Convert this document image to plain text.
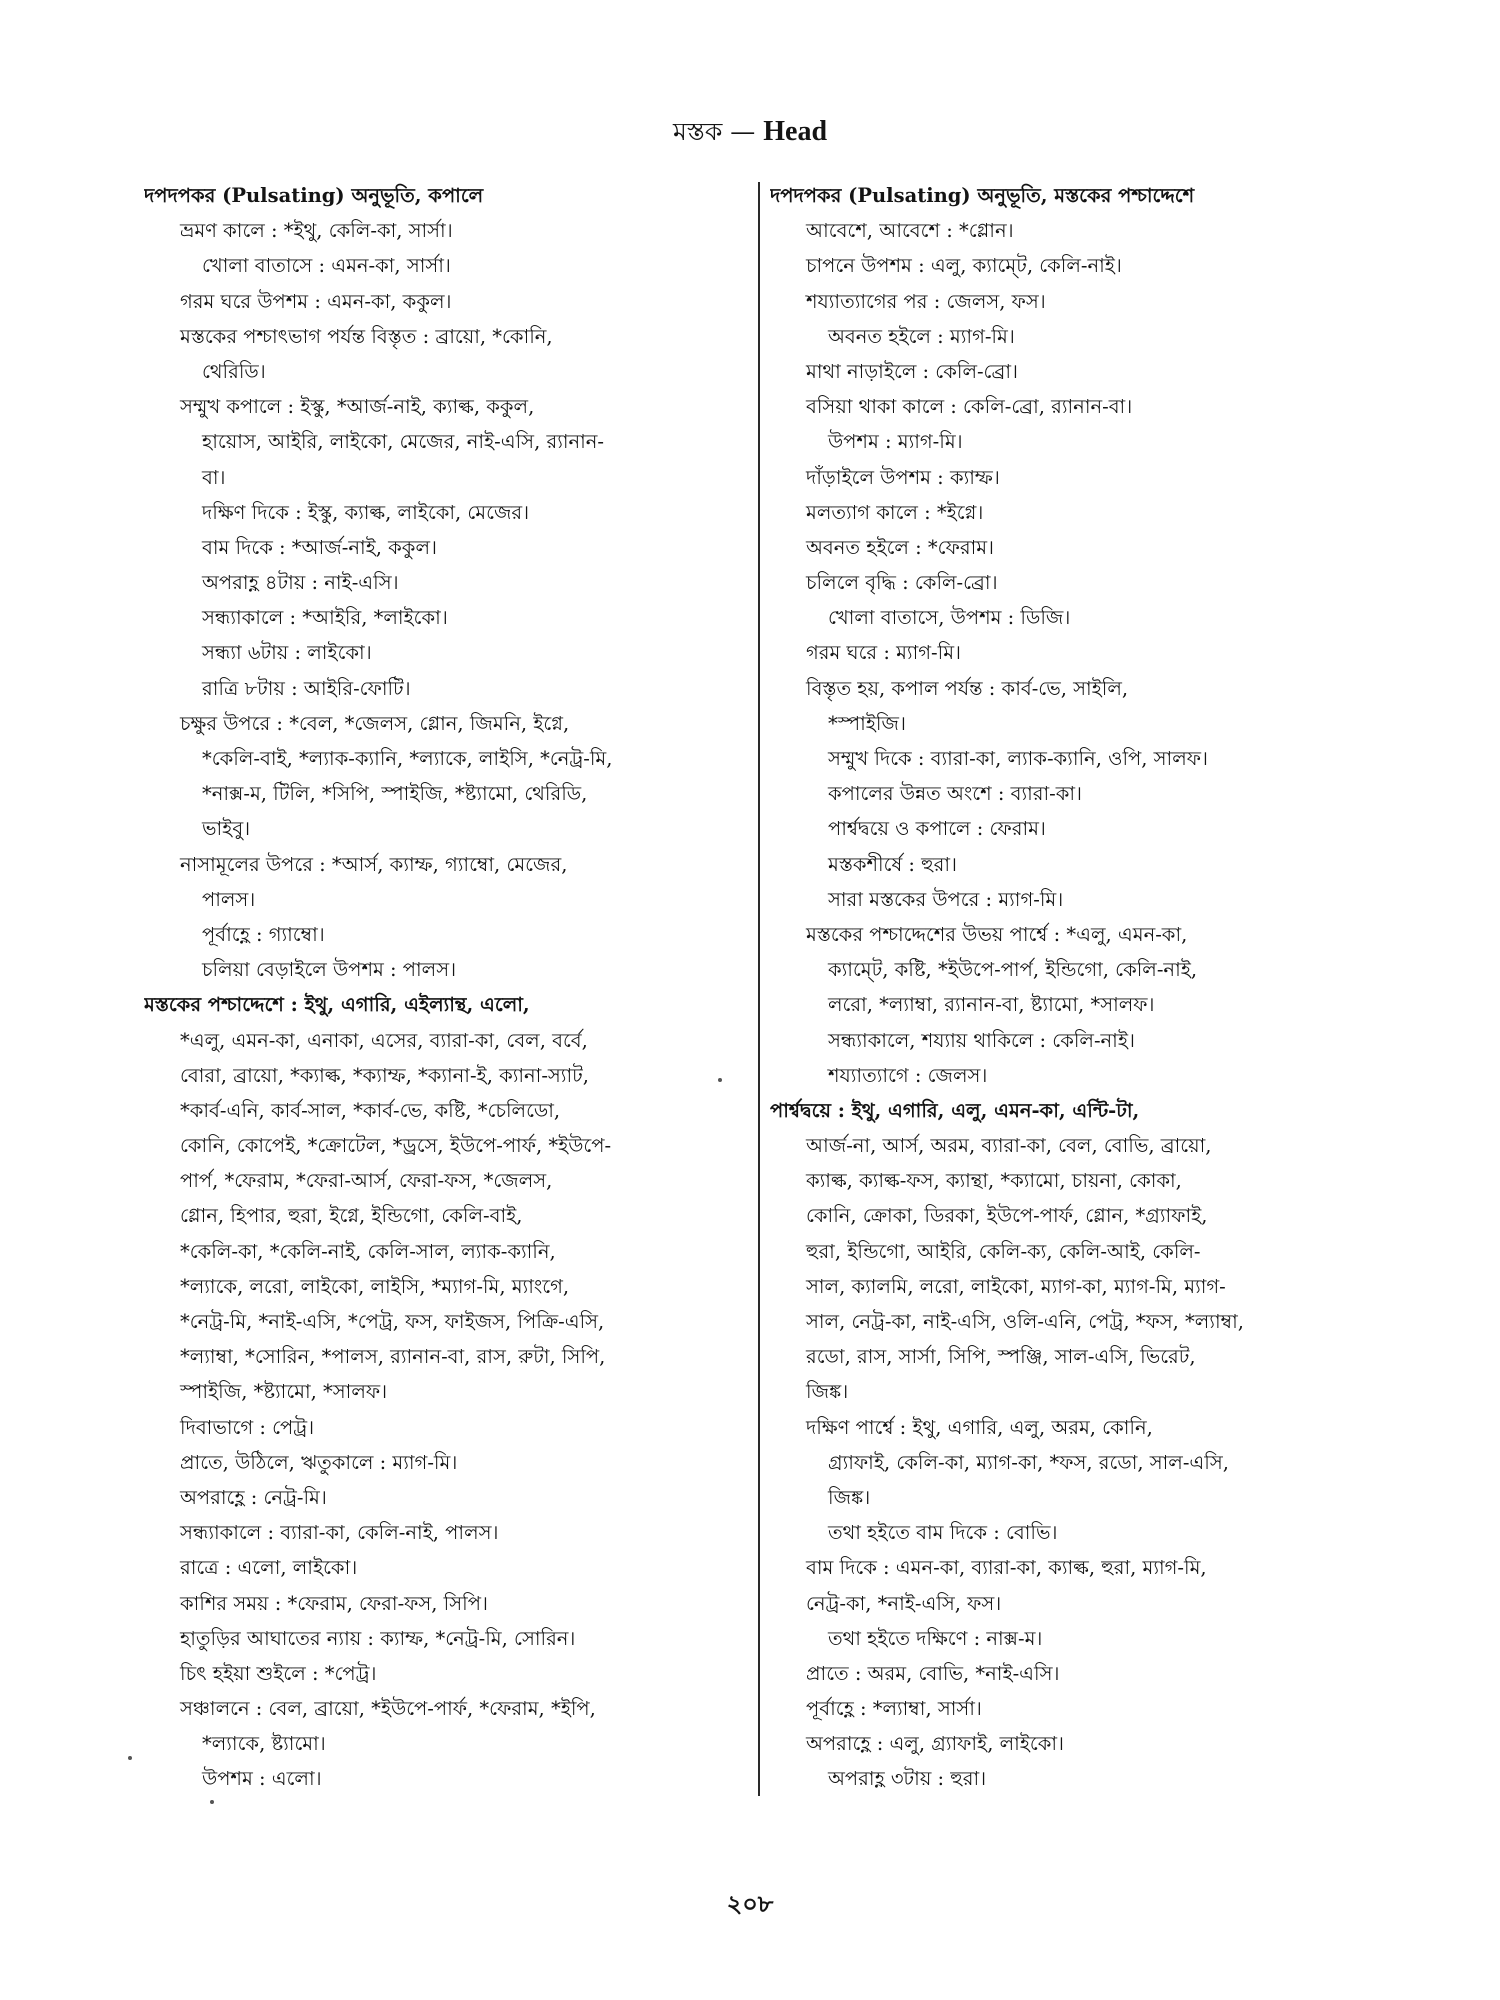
মস্তক — Head
দপদপকর (Pulsating) অনুভূতি, কপালে
ভ্রমণ কালে : *ইথু, কেলি-কা, সার্সা।
খোলা বাতাসে : এমন-কা, সার্সা।
গরম ঘরে উপশম : এমন-কা, ককুল।
মস্তকের পশ্চাৎভাগ পর্যন্ত বিস্তৃত : ব্রায়ো, *কোনি,
থেরিডি।
সম্মুখ কপালে : ইস্কু, *আর্জ-নাই, ক্যাল্ক, ককুল,
হায়োস, আইরি, লাইকো, মেজের, নাই-এসি, র‍্যানান-
বা।
দক্ষিণ দিকে : ইস্কু, ক্যাল্ক, লাইকো, মেজের।
বাম দিকে : *আর্জ-নাই, ককুল।
অপরাহ্ণ ৪টায় : নাই-এসি।
সন্ধ্যাকালে : *আইরি, *লাইকো।
সন্ধ্যা ৬টায় : লাইকো।
রাত্রি ৮টায় : আইরি-ফোটি।
চক্ষুর উপরে : *বেল, *জেলস, গ্লোন, জিমনি, ইগ্নে,
*কেলি-বাই, *ল্যাক-ক্যানি, *ল্যাকে, লাইসি, *নেট্র-মি,
*নাক্স-ম, টিলি, *সিপি, স্পাইজি, *ষ্ট্যামো, থেরিডি,
ভাইবু।
নাসামূলের উপরে : *আর্স, ক্যাম্ফ, গ্যাম্বো, মেজের,
পালস।
পূর্বাহ্ণে : গ্যাম্বো।
চলিয়া বেড়াইলে উপশম : পালস।
মস্তকের পশ্চাদ্দেশে : ইথু, এগারি, এইল্যান্থ, এলো,
*এলু, এমন-কা, এনাকা, এসের, ব্যারা-কা, বেল, বর্বে,
বোরা, ব্রায়ো, *ক্যাল্ক, *ক্যাম্ফ, *ক্যানা-ই, ক্যানা-স্যাট,
*কার্ব-এনি, কার্ব-সাল, *কার্ব-ভে, কষ্টি, *চেলিডো,
কোনি, কোপেই, *ক্রোটেল, *ড্রসে, ইউপে-পার্ফ, *ইউপে-
পার্প, *ফেরাম, *ফেরা-আর্স, ফেরা-ফস, *জেলস,
গ্লোন, হিপার, হুরা, ইগ্নে, ইন্ডিগো, কেলি-বাই,
*কেলি-কা, *কেলি-নাই, কেলি-সাল, ল্যাক-ক্যানি,
*ল্যাকে, লরো, লাইকো, লাইসি, *ম্যাগ-মি, ম্যাংগে,
*নেট্র-মি, *নাই-এসি, *পেট্র, ফস, ফাইজস, পিক্রি-এসি,
*ল্যাম্বা, *সোরিন, *পালস, র‍্যানান-বা, রাস, রুটা, সিপি,
স্পাইজি, *ষ্ট্যামো, *সালফ।
দিবাভাগে : পেট্র।
প্রাতে, উঠিলে, ঋতুকালে : ম্যাগ-মি।
অপরাহ্ণে : নেট্র-মি।
সন্ধ্যাকালে : ব্যারা-কা, কেলি-নাই, পালস।
রাত্রে : এলো, লাইকো।
কাশির সময় : *ফেরাম, ফেরা-ফস, সিপি।
হাতুড়ির আঘাতের ন্যায় : ক্যাম্ফ, *নেট্র-মি, সোরিন।
চিৎ হইয়া শুইলে : *পেট্র।
সঞ্চালনে : বেল, ব্রায়ো, *ইউপে-পার্ফ, *ফেরাম, *ইপি,
*ল্যাকে, ষ্ট্যামো।
উপশম : এলো।
দপদপকর (Pulsating) অনুভূতি, মস্তকের পশ্চাদ্দেশে
আবেশে, আবেশে : *গ্লোন।
চাপনে উপশম : এলু, ক্যাম্টে, কেলি-নাই।
শয্যাত্যাগের পর : জেলস, ফস।
অবনত হইলে : ম্যাগ-মি।
মাথা নাড়াইলে : কেলি-ব্রো।
বসিয়া থাকা কালে : কেলি-ব্রো, র‍্যানান-বা।
উপশম : ম্যাগ-মি।
দাঁড়াইলে উপশম : ক্যাম্ফ।
মলত্যাগ কালে : *ইগ্নে।
অবনত হইলে : *ফেরাম।
চলিলে বৃদ্ধি : কেলি-ব্রো।
খোলা বাতাসে, উপশম : ডিজি।
গরম ঘরে : ম্যাগ-মি।
বিস্তৃত হয়, কপাল পর্যন্ত : কার্ব-ভে, সাইলি,
*স্পাইজি।
সম্মুখ দিকে : ব্যারা-কা, ল্যাক-ক্যানি, ওপি, সালফ।
কপালের উন্নত অংশে : ব্যারা-কা।
পার্শ্বদ্বয়ে ও কপালে : ফেরাম।
মস্তকশীর্ষে : হুরা।
সারা মস্তকের উপরে : ম্যাগ-মি।
মস্তকের পশ্চাদ্দেশের উভয় পার্শ্বে : *এলু, এমন-কা,
ক্যাম্টে, কষ্টি, *ইউপে-পার্প, ইন্ডিগো, কেলি-নাই,
লরো, *ল্যাম্বা, র‍্যানান-বা, ষ্ট্যামো, *সালফ।
সন্ধ্যাকালে, শয্যায় থাকিলে : কেলি-নাই।
শয্যাত্যাগে : জেলস।
পার্শ্বদ্বয়ে : ইথু, এগারি, এলু, এমন-কা, এন্টি-টা,
আর্জ-না, আর্স, অরম, ব্যারা-কা, বেল, বোভি, ব্রায়ো,
ক্যাল্ক, ক্যাল্ক-ফস, ক্যান্থা, *ক্যামো, চায়না, কোকা,
কোনি, ক্রোকা, ডিরকা, ইউপে-পার্ফ, গ্লোন, *গ্র্যাফাই,
হুরা, ইন্ডিগো, আইরি, কেলি-ক্য, কেলি-আই, কেলি-
সাল, ক্যালমি, লরো, লাইকো, ম্যাগ-কা, ম্যাগ-মি, ম্যাগ-
সাল, নেট্র-কা, নাই-এসি, ওলি-এনি, পেট্র, *ফস, *ল্যাম্বা,
রডো, রাস, সার্সা, সিপি, স্পঞ্জি, সাল-এসি, ভিরেট,
জিঙ্ক।
দক্ষিণ পার্শ্বে : ইথু, এগারি, এলু, অরম, কোনি,
গ্র্যাফাই, কেলি-কা, ম্যাগ-কা, *ফস, রডো, সাল-এসি,
জিঙ্ক।
তথা হইতে বাম দিকে : বোভি।
বাম দিকে : এমন-কা, ব্যারা-কা, ক্যাল্ক, হুরা, ম্যাগ-মি,
নেট্র-কা, *নাই-এসি, ফস।
তথা হইতে দক্ষিণে : নাক্স-ম।
প্রাতে : অরম, বোভি, *নাই-এসি।
পূর্বাহ্ণে : *ল্যাম্বা, সার্সা।
অপরাহ্ণে : এলু, গ্র্যাফাই, লাইকো।
অপরাহ্ণ ৩টায় : হুরা।
২০৮
